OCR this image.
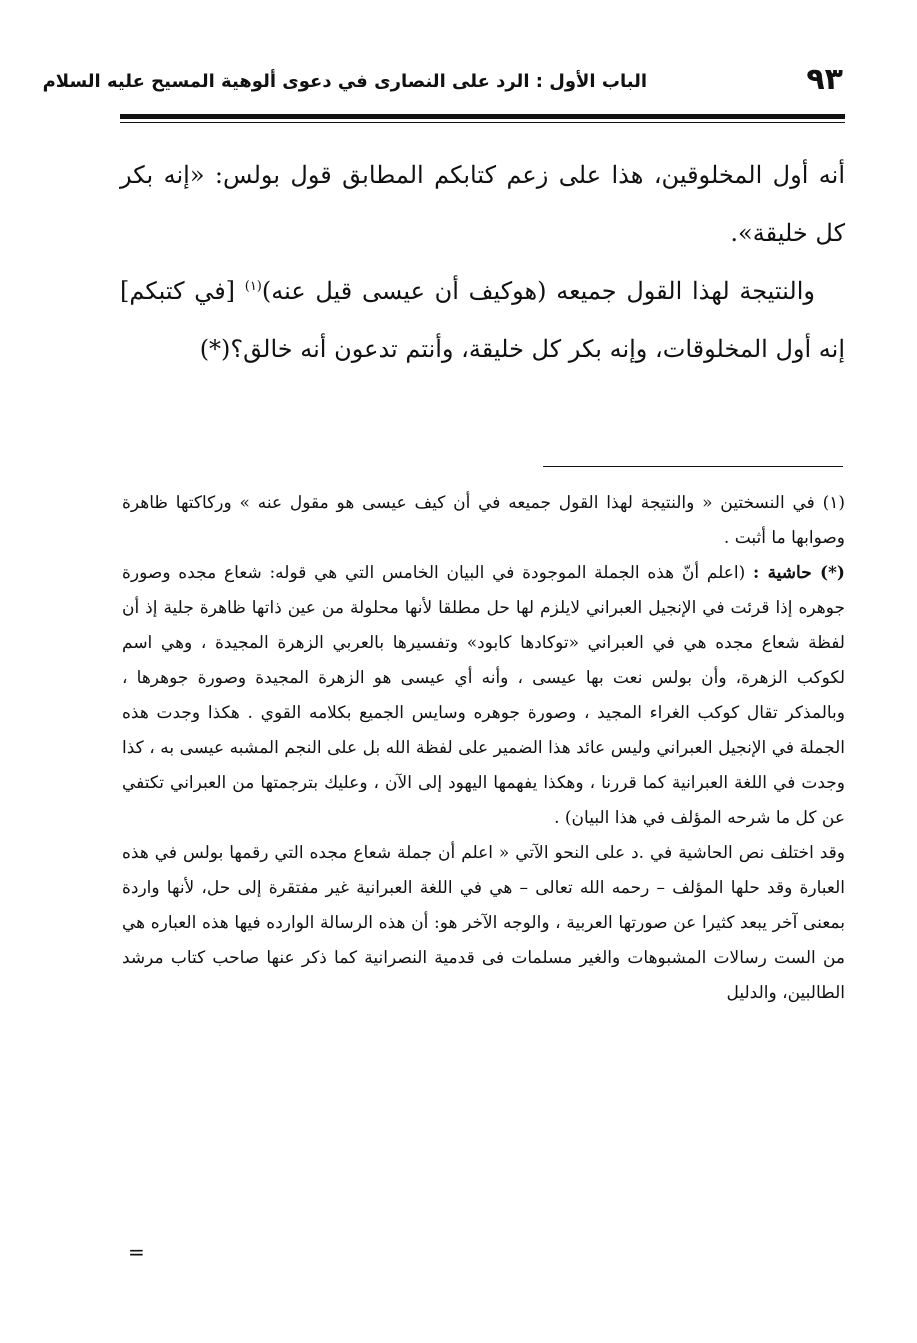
٩٣
الباب الأول : الرد على النصارى في دعوى ألوهية المسيح عليه السلام

أنه أول المخلوقين، هذا على زعم كتابكم المطابق قول بولس: «إنه بكر كل خليقة».

والنتيجة لهذا القول جميعه (هوكيف أن عيسى قيل عنه)$^{(١)}$ [في كتبكم] إنه أول المخلوقات، وإنه بكر كل خليقة، وأنتم تدعون أنه خالق؟(*)

(١) في النسختين « والنتيجة لهذا القول جميعه في أن كيف عيسى هو مقول عنه » وركاكتها ظاهرة وصوابها ما أثبت .

(*) حاشية : (اعلم أنّ هذه الجملة الموجودة في البيان الخامس التي هي قوله: شعاع مجده وصورة جوهره إذا قرئت في الإنجيل العبراني لايلزم لها حل مطلقا لأنها محلولة من عين ذاتها ظاهرة جلية إذ أن لفظة شعاع مجده هي في العبراني «توكادها كابود» وتفسيرها بالعربي الزهرة المجيدة ، وهي اسم لكوكب الزهرة، وأن بولس نعت بها عيسى ، وأنه أي عيسى هو الزهرة المجيدة وصورة جوهرها ، وبالمذكر تقال كوكب الغراء المجيد ، وصورة جوهره وسايس الجميع بكلامه القوي . هكذا وجدت هذه الجملة في الإنجيل العبراني وليس عائد هذا الضمير على لفظة الله بل على النجم المشبه عيسى به ، كذا وجدت في اللغة العبرانية كما قررنا ، وهكذا يفهمها اليهود إلى الآن ، وعليك بترجمتها من العبراني تكتفي عن كل ما شرحه المؤلف في هذا البيان) .

وقد اختلف نص الحاشية في .د على النحو الآتي « اعلم أن جملة شعاع مجده التي رقمها بولس في هذه العبارة وقد حلها المؤلف – رحمه الله تعالى – هي في اللغة العبرانية غير مفتقرة إلى حل، لأنها واردة بمعنى آخر يبعد كثيرا عن صورتها العربية ، والوجه الآخر هو: أن هذه الرسالة الوارده فيها هذه العباره هي من الست رسالات المشبوهات والغير مسلمات فى قدمية النصرانية كما ذكر عنها صاحب كتاب مرشد الطالبين، والدليل

=
